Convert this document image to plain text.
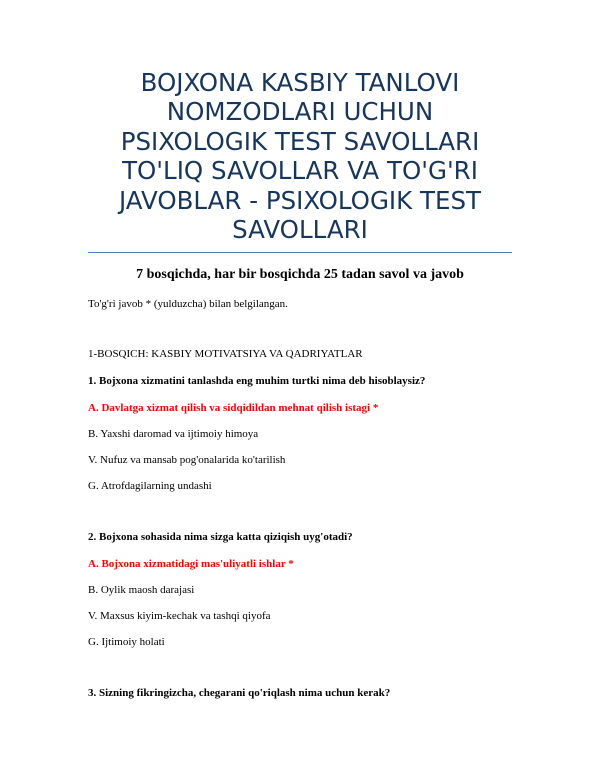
BOJXONA KASBIY TANLOVI
NOMZODLARI UCHUN
PSIXOLOGIK TEST SAVOLLARI
TO'LIQ SAVOLLAR VA TO'G'RI
JAVOBLAR - PSIXOLOGIK TEST
SAVOLLARI

7 bosqichda, har bir bosqichda 25 tadan savol va javob

To'g'ri javob * (yulduzcha) bilan belgilangan.

1-BOSQICH: KASBIY MOTIVATSIYA VA QADRIYATLAR

1. Bojxona xizmatini tanlashda eng muhim turtki nima deb hisoblaysiz?

A. Davlatga xizmat qilish va sidqidildan mehnat qilish istagi *

B. Yaxshi daromad va ijtimoiy himoya

V. Nufuz va mansab pog'onalarida ko'tarilish

G. Atrofdagilarning undashi

2. Bojxona sohasida nima sizga katta qiziqish uyg'otadi?

A. Bojxona xizmatidagi mas'uliyatli ishlar *

B. Oylik maosh darajasi

V. Maxsus kiyim-kechak va tashqi qiyofa

G. Ijtimoiy holati

3. Sizning fikringizcha, chegarani qo'riqlash nima uchun kerak?
